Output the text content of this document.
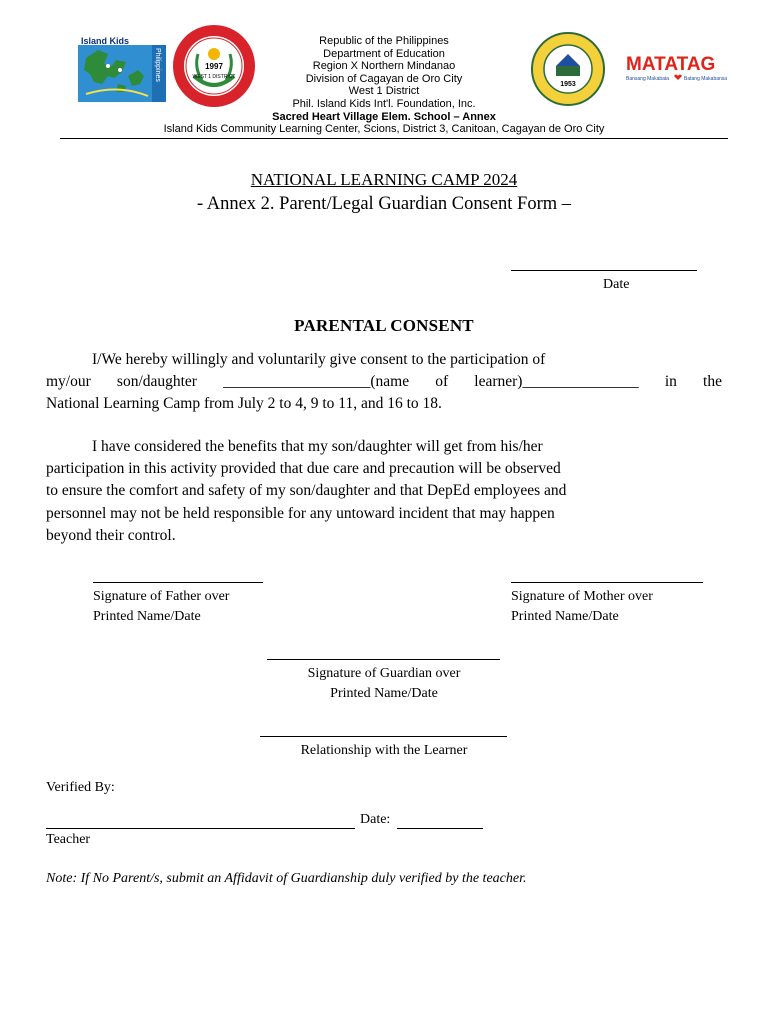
Island Kids
Philippines	1997
WEST 1 DISTRICT
1953
MATATAG
Bansang Makabata	Batang Makabansa
Republic of the Philippines
Department of Education
Region X Northern Mindanao
Division of Cagayan de Oro City
West 1 District
Phil. Island Kids Int'l. Foundation, Inc.
Sacred Heart Village Elem. School – Annex
Island Kids Community Learning Center, Scions, District 3, Canitoan, Cagayan de Oro City
NATIONAL LEARNING CAMP 2024
- Annex 2. Parent/Legal Guardian Consent Form –
Date
PARENTAL CONSENT
I/We hereby willingly and voluntarily give consent to the participation of
my/our son/daughter ___________________(name of learner)_______________ in the
National Learning Camp from July 2 to 4, 9 to 11, and 16 to 18.
I have considered the benefits that my son/daughter will get from his/her
participation in this activity provided that due care and precaution will be observed
to ensure the comfort and safety of my son/daughter and that DepEd employees and
personnel may not be held responsible for any untoward incident that may happen
beyond their control.
Signature of Father over
Printed Name/Date
Signature of Mother over
Printed Name/Date
Signature of Guardian over
Printed Name/Date
Relationship with the Learner
Verified By:
Date:
Teacher
Note: If No Parent/s, submit an Affidavit of Guardianship duly verified by the teacher.
